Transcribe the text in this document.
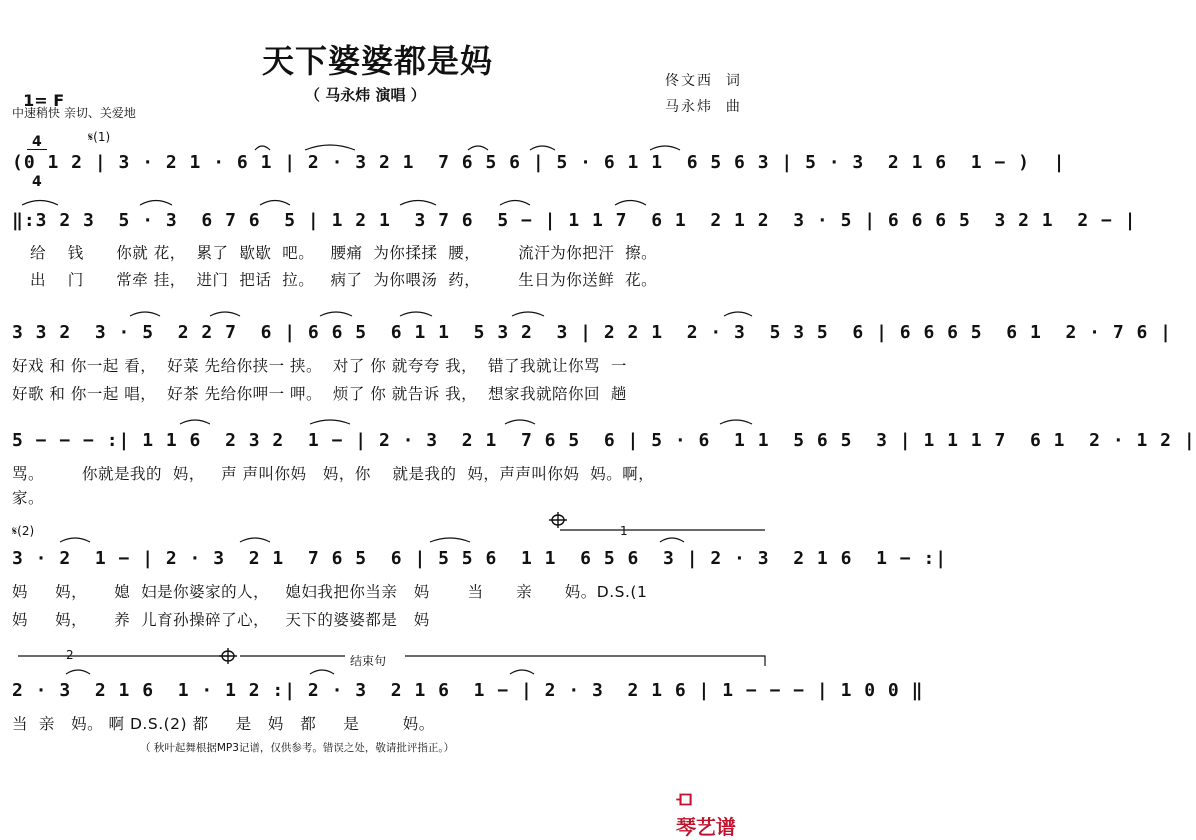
天下婆婆都是妈
（ 马永炜 演唱 ）

1= F

$\frac{4}{4}$

中速稍快 亲切、关爱地
佟文西  词
马永炜  曲
𝄋(1)
(0 1 2 | 3 · 2 1 · 6 1 | 2 · 3 2 1  7 6 5 6 | 5 · 6 1 1  6 5 6 3 | 5 · 3  2 1 6  1 − )  |
‖:3 2 3  5 · 3  6 7 6  5 | 1 2 1  3 7 6  5 − | 1 1 7  6 1  2 1 2  3 · 5 | 6 6 6 5  3 2 1  2 − |
给    钱      你就 花，  累了  歇歇  吧。   腰痛  为你揉揉  腰，       流汗为你把汗  擦。
出    门      常牵 挂，  进门  把话  拉。   病了  为你喂汤  药，       生日为你送鲜  花。
3 3 2  3 · 5  2 2 7  6 | 6 6 5  6 1 1  5 3 2  3 | 2 2 1  2 · 3  5 3 5  6 | 6 6 6 5  6 1  2 · 7 6 |
好戏 和 你一起 看，  好菜 先给你挟一 挟。  对了 你 就夸夸 我，  错了我就让你骂  一
好歌 和 你一起 唱，  好茶 先给你呷一 呷。  烦了 你 就告诉 我，  想家我就陪你回  趟
5 − − − :| 1 1 6  2 3 2  1 − | 2 · 3  2 1  7 6 5  6 | 5 · 6  1 1  5 6 5  3 | 1 1 1 7  6 1  2 · 1 2 |
骂。       你就是我的  妈，   声 声叫你妈   妈，你    就是我的  妈，声声叫你妈  妈。啊，
家。
𝄋(2)	1
3 · 2  1 − | 2 · 3  2 1  7 6 5  6 | 5 5 6  1 1  6 5 6  3 | 2 · 3  2 1 6  1 − :|
妈     妈，     媳  妇是你婆家的人，   媳妇我把你当亲   妈       当      亲      妈。D.S.(1
妈     妈，     养  儿育孙操碎了心，   天下的婆婆都是   妈
2	结束句
2 · 3  2 1 6  1 · 1 2 :| 2 · 3  2 1 6  1 − | 2 · 3  2 1 6 | 1 − − − | 1 0 0 ‖
当  亲   妈。 啊 D.S.(2) 都     是   妈   都     是        妈。
（ 秋叶起舞根据MP3记谱，仅供参考。错误之处，敬请批评指正。）

⟤
琴艺谱
